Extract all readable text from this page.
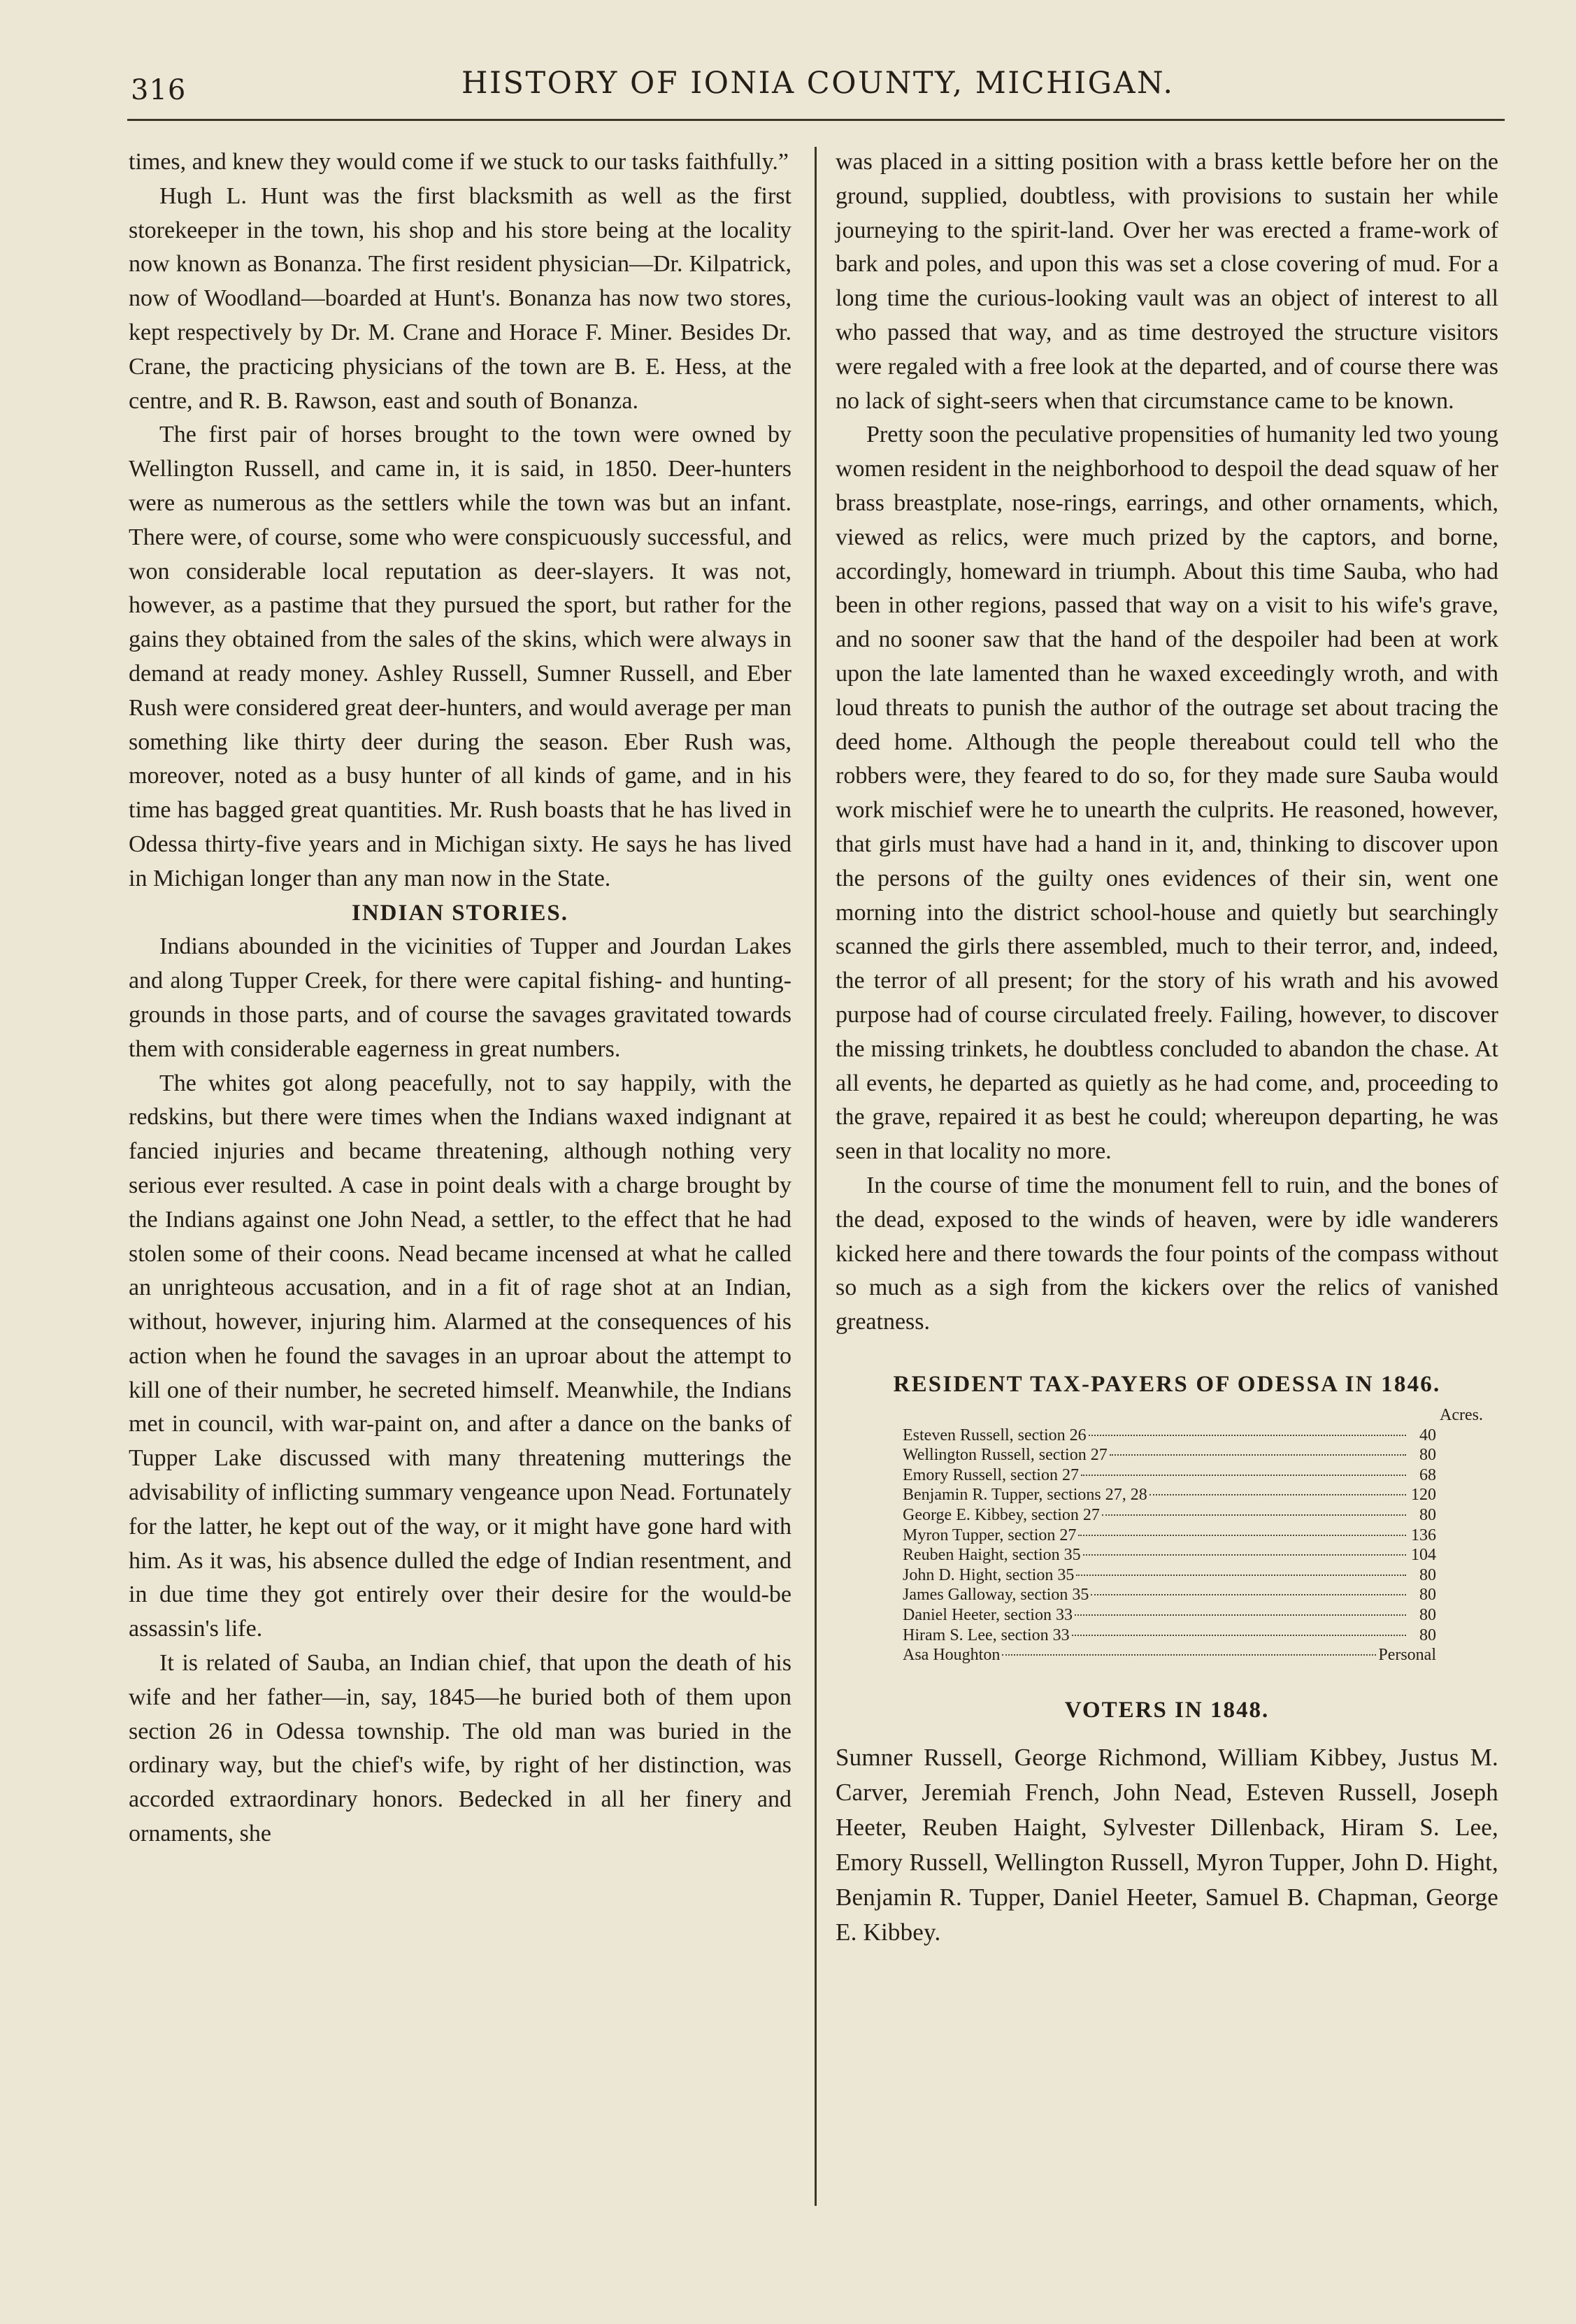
316	HISTORY OF IONIA COUNTY, MICHIGAN.

times, and knew they would come if we stuck to our tasks faithfully.”

Hugh L. Hunt was the first blacksmith as well as the first storekeeper in the town, his shop and his store being at the locality now known as Bonanza. The first resident physician—Dr. Kilpatrick, now of Woodland—boarded at Hunt's. Bonanza has now two stores, kept respectively by Dr. M. Crane and Horace F. Miner. Besides Dr. Crane, the practicing physicians of the town are B. E. Hess, at the centre, and R. B. Rawson, east and south of Bonanza.

The first pair of horses brought to the town were owned by Wellington Russell, and came in, it is said, in 1850. Deer-hunters were as numerous as the settlers while the town was but an infant. There were, of course, some who were conspicuously successful, and won considerable local reputation as deer-slayers. It was not, however, as a pastime that they pursued the sport, but rather for the gains they obtained from the sales of the skins, which were always in demand at ready money. Ashley Russell, Sumner Russell, and Eber Rush were considered great deer-hunters, and would average per man something like thirty deer during the season. Eber Rush was, moreover, noted as a busy hunter of all kinds of game, and in his time has bagged great quantities. Mr. Rush boasts that he has lived in Odessa thirty-five years and in Michigan sixty. He says he has lived in Michigan longer than any man now in the State.

INDIAN STORIES.

Indians abounded in the vicinities of Tupper and Jourdan Lakes and along Tupper Creek, for there were capital fishing- and hunting-grounds in those parts, and of course the savages gravitated towards them with considerable eagerness in great numbers.

The whites got along peacefully, not to say happily, with the redskins, but there were times when the Indians waxed indignant at fancied injuries and became threatening, although nothing very serious ever resulted. A case in point deals with a charge brought by the Indians against one John Nead, a settler, to the effect that he had stolen some of their coons. Nead became incensed at what he called an unrighteous accusation, and in a fit of rage shot at an Indian, without, however, injuring him. Alarmed at the consequences of his action when he found the savages in an uproar about the attempt to kill one of their number, he secreted himself. Meanwhile, the Indians met in council, with war-paint on, and after a dance on the banks of Tupper Lake discussed with many threatening mutterings the advisability of inflicting summary vengeance upon Nead. Fortunately for the latter, he kept out of the way, or it might have gone hard with him. As it was, his absence dulled the edge of Indian resentment, and in due time they got entirely over their desire for the would-be assassin's life.

It is related of Sauba, an Indian chief, that upon the death of his wife and her father—in, say, 1845—he buried both of them upon section 26 in Odessa township. The old man was buried in the ordinary way, but the chief's wife, by right of her distinction, was accorded extraordinary honors. Bedecked in all her finery and ornaments, she

was placed in a sitting position with a brass kettle before her on the ground, supplied, doubtless, with provisions to sustain her while journeying to the spirit-land. Over her was erected a frame-work of bark and poles, and upon this was set a close covering of mud. For a long time the curious-looking vault was an object of interest to all who passed that way, and as time destroyed the structure visitors were regaled with a free look at the departed, and of course there was no lack of sight-seers when that circumstance came to be known.

Pretty soon the peculative propensities of humanity led two young women resident in the neighborhood to despoil the dead squaw of her brass breastplate, nose-rings, earrings, and other ornaments, which, viewed as relics, were much prized by the captors, and borne, accordingly, homeward in triumph. About this time Sauba, who had been in other regions, passed that way on a visit to his wife's grave, and no sooner saw that the hand of the despoiler had been at work upon the late lamented than he waxed exceedingly wroth, and with loud threats to punish the author of the outrage set about tracing the deed home. Although the people thereabout could tell who the robbers were, they feared to do so, for they made sure Sauba would work mischief were he to unearth the culprits. He reasoned, however, that girls must have had a hand in it, and, thinking to discover upon the persons of the guilty ones evidences of their sin, went one morning into the district school-house and quietly but searchingly scanned the girls there assembled, much to their terror, and, indeed, the terror of all present; for the story of his wrath and his avowed purpose had of course circulated freely. Failing, however, to discover the missing trinkets, he doubtless concluded to abandon the chase. At all events, he departed as quietly as he had come, and, proceeding to the grave, repaired it as best he could; whereupon departing, he was seen in that locality no more.

In the course of time the monument fell to ruin, and the bones of the dead, exposed to the winds of heaven, were by idle wanderers kicked here and there towards the four points of the compass without so much as a sigh from the kickers over the relics of vanished greatness.

RESIDENT TAX-PAYERS OF ODESSA IN 1846.
Acres.
Esteven Russell, section 26	40
Wellington Russell, section 27	80
Emory Russell, section 27	68
Benjamin R. Tupper, sections 27, 28	120
George E. Kibbey, section 27	80
Myron Tupper, section 27	136
Reuben Haight, section 35	104
John D. Hight, section 35	80
James Galloway, section 35	80
Daniel Heeter, section 33	80
Hiram S. Lee, section 33	80
Asa Houghton	Personal
VOTERS IN 1848.

Sumner Russell, George Richmond, William Kibbey, Justus M. Carver, Jeremiah French, John Nead, Esteven Russell, Joseph Heeter, Reuben Haight, Sylvester Dillenback, Hiram S. Lee, Emory Russell, Wellington Russell, Myron Tupper, John D. Hight, Benjamin R. Tupper, Daniel Heeter, Samuel B. Chapman, George E. Kibbey.
